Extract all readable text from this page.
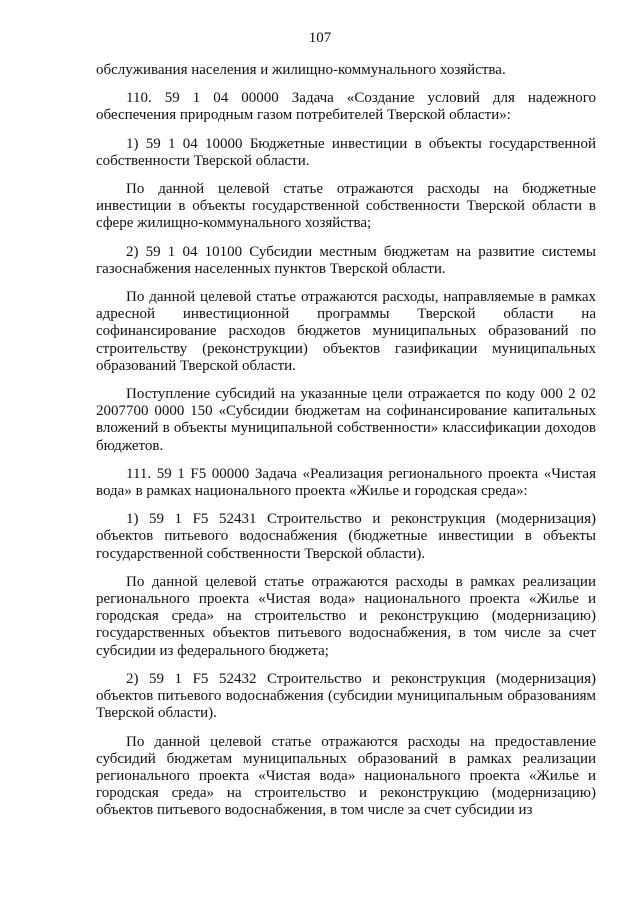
107

обслуживания населения и жилищно-коммунального хозяйства.

110. 59 1 04 00000 Задача «Создание условий для надежного обеспечения природным газом потребителей Тверской области»:

1) 59 1 04 10000 Бюджетные инвестиции в объекты государственной собственности Тверской области.

По данной целевой статье отражаются расходы на бюджетные инвестиции в объекты государственной собственности Тверской области в сфере жилищно-коммунального хозяйства;

2) 59 1 04 10100 Субсидии местным бюджетам на развитие системы газоснабжения населенных пунктов Тверской области.

По данной целевой статье отражаются расходы, направляемые в рамках адресной инвестиционной программы Тверской области на софинансирование расходов бюджетов муниципальных образований по строительству (реконструкции) объектов газификации муниципальных образований Тверской области.

Поступление субсидий на указанные цели отражается по коду 000 2 02 2007700 0000 150 «Субсидии бюджетам на софинансирование капитальных вложений в объекты муниципальной собственности» классификации доходов бюджетов.

111. 59 1 F5 00000 Задача «Реализация регионального проекта «Чистая вода» в рамках национального проекта «Жилье и городская среда»:

1) 59 1 F5 52431 Строительство и реконструкция (модернизация) объектов питьевого водоснабжения (бюджетные инвестиции в объекты государственной собственности Тверской области).

По данной целевой статье отражаются расходы в рамках реализации регионального проекта «Чистая вода» национального проекта «Жилье и городская среда» на строительство и реконструкцию (модернизацию) государственных объектов питьевого водоснабжения, в том числе за счет субсидии из федерального бюджета;

2) 59 1 F5 52432 Строительство и реконструкция (модернизация) объектов питьевого водоснабжения (субсидии муниципальным образованиям Тверской области).

По данной целевой статье отражаются расходы на предоставление субсидий бюджетам муниципальных образований в рамках реализации регионального проекта «Чистая вода» национального проекта «Жилье и городская среда» на строительство и реконструкцию (модернизацию) объектов питьевого водоснабжения, в том числе за счет субсидии из
